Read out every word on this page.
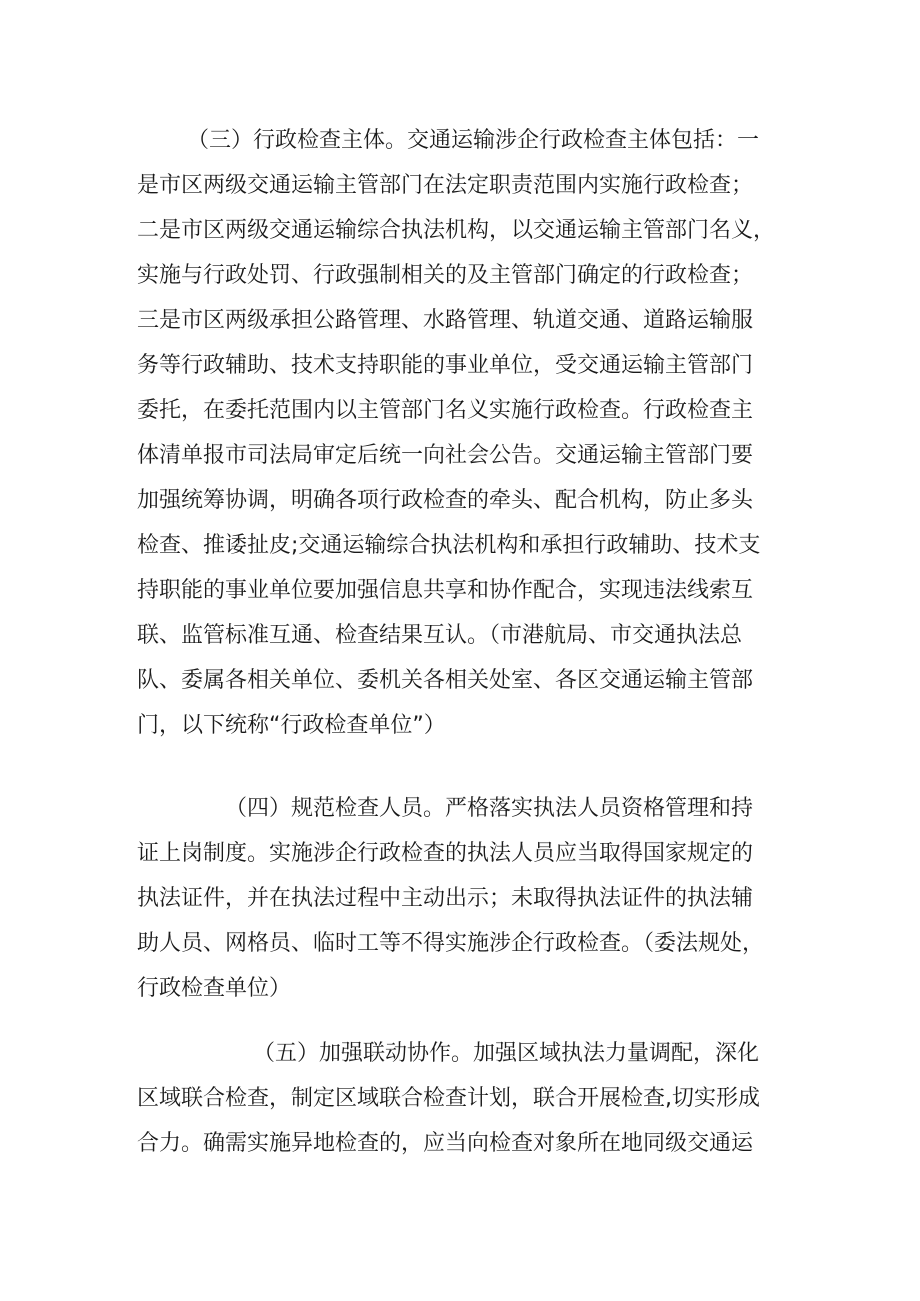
（三）行政检查主体。交通运输涉企行政检查主体包括：一
是市区两级交通运输主管部门在法定职责范围内实施行政检查；
二是市区两级交通运输综合执法机构，以交通运输主管部门名义，
实施与行政处罚、行政强制相关的及主管部门确定的行政检查；
三是市区两级承担公路管理、水路管理、轨道交通、道路运输服
务等行政辅助、技术支持职能的事业单位，受交通运输主管部门
委托，在委托范围内以主管部门名义实施行政检查。行政检查主
体清单报市司法局审定后统一向社会公告。交通运输主管部门要
加强统筹协调，明确各项行政检查的牵头、配合机构，防止多头
检查、推诿扯皮;交通运输综合执法机构和承担行政辅助、技术支
持职能的事业单位要加强信息共享和协作配合，实现违法线索互
联、监管标准互通、检查结果互认。（市港航局、市交通执法总
队、委属各相关单位、委机关各相关处室、各区交通运输主管部
门，以下统称“行政检查单位”）
（四）规范检查人员。严格落实执法人员资格管理和持
证上岗制度。实施涉企行政检查的执法人员应当取得国家规定的
执法证件，并在执法过程中主动出示；未取得执法证件的执法辅
助人员、网格员、临时工等不得实施涉企行政检查。（委法规处，
行政检查单位）
（五）加强联动协作。加强区域执法力量调配，深化
区域联合检查，制定区域联合检查计划，联合开展检查,切实形成
合力。确需实施异地检查的，应当向检查对象所在地同级交通运
